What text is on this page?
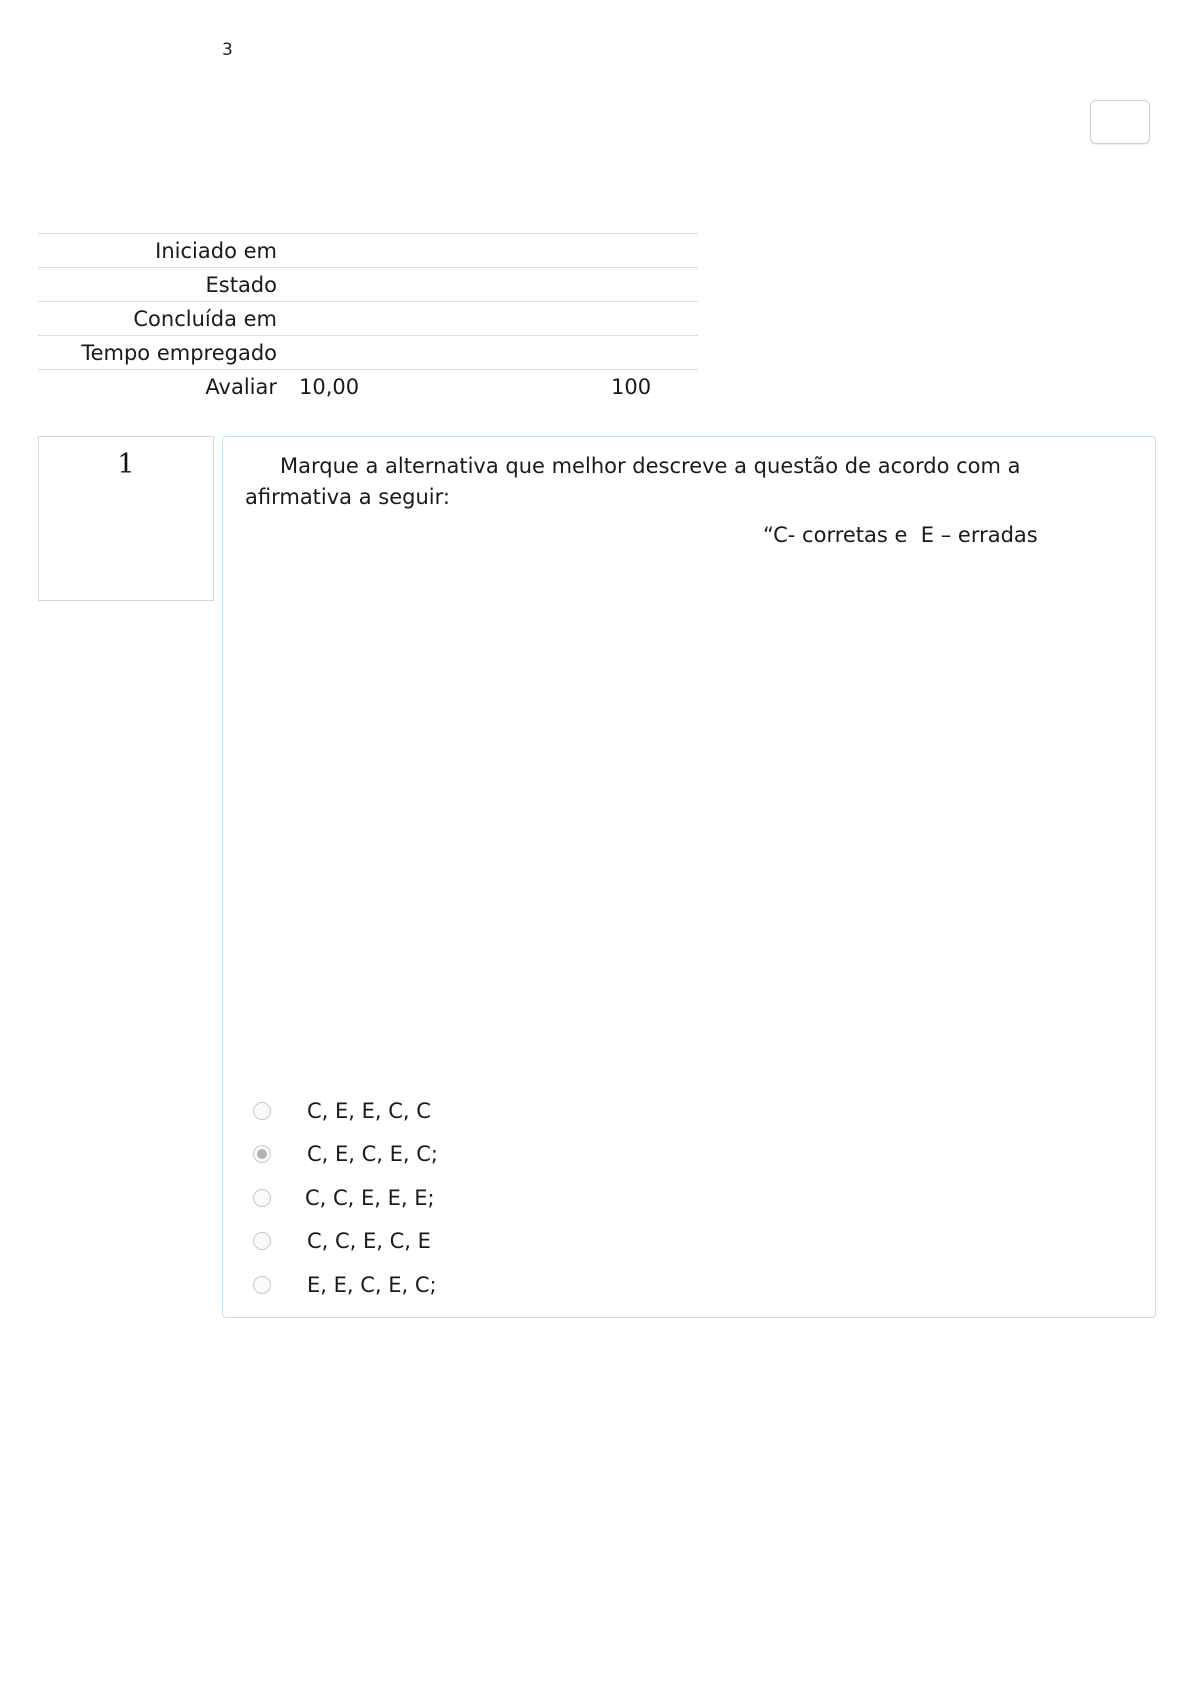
3
Iniciado em
Estado
Concluída em
Tempo empregado
Avaliar 10,00	100
1	Marque a alternativa que melhor descreve a questão de acordo com a afirmativa a seguir:
“C- corretas e  E – erradas
C, E, E, C, C
C, E, C, E, C;
C, C, E, E, E;
C, C, E, C, E
E, E, C, E, C;
